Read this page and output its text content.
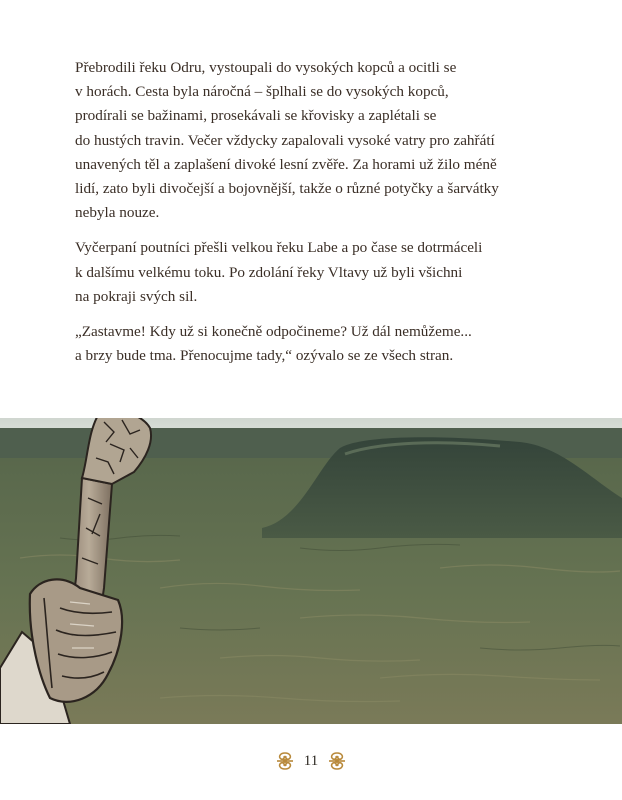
Přebrodili řeku Odru, vystoupali do vysokých kopců a ocitli se
v horách. Cesta byla náročná – šplhali se do vysokých kopců,
prodírali se bažinami, prosekávali se křovisky a zaplétali se
do hustých travin. Večer vždycky zapalovali vysoké vatry pro zahřátí
unavených těl a zaplašení divoké lesní zvěře. Za horami už žilo méně
lidí, zato byli divočejší a bojovnější, takže o různé potyčky a šarvátky
nebyla nouze.

Vyčerpaní poutníci přešli velkou řeku Labe a po čase se dotrmáceli
k dalšímu velkému toku. Po zdolání řeky Vltavy už byli všichni
na pokraji svých sil.

„Zastavme! Kdy už si konečně odpočineme? Už dál nemůžeme...
a brzy bude tma. Přenocujme tady,“ ozývalo se ze všech stran.

11
